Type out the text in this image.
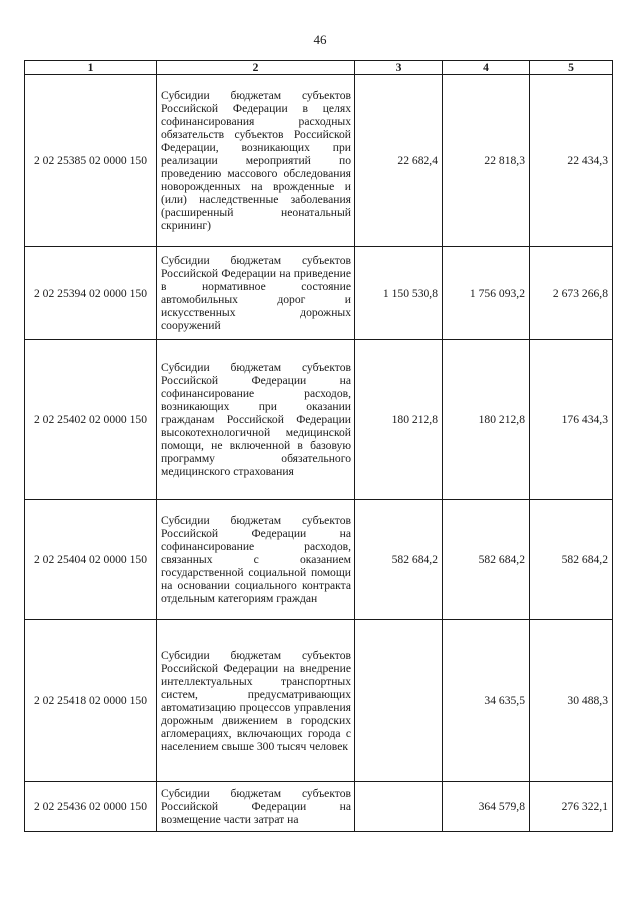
46
1	2	3	4	5
2 02 25385 02 0000 150	Субсидии бюджетам субъектов Российской Федерации в целях софинансирования расходных обязательств субъектов Российской Федерации, возникающих при реализации мероприятий по проведению массового обследования новорожденных на врожденные и (или) наследственные заболевания (расширенный неонатальный скрининг)	22 682,4	22 818,3	22 434,3
2 02 25394 02 0000 150	Субсидии бюджетам субъектов Российской Федерации на приведение в нормативное состояние автомобильных дорог и искусственных дорожных сооружений	1 150 530,8	1 756 093,2	2 673 266,8
2 02 25402 02 0000 150	Субсидии бюджетам субъектов Российской Федерации на софинансирование расходов, возникающих при оказании гражданам Российской Федерации высокотехнологичной медицинской помощи, не включенной в базовую программу обязательного медицинского страхования	180 212,8	180 212,8	176 434,3
2 02 25404 02 0000 150	Субсидии бюджетам субъектов Российской Федерации на софинансирование расходов, связанных с оказанием государственной социальной помощи на основании социального контракта отдельным категориям граждан	582 684,2	582 684,2	582 684,2
2 02 25418 02 0000 150	Субсидии бюджетам субъектов Российской Федерации на внедрение интеллектуальных транспортных систем, предусматривающих автоматизацию процессов управления дорожным движением в городских агломерациях, включающих города с населением свыше 300 тысяч человек		34 635,5	30 488,3
2 02 25436 02 0000 150	Субсидии бюджетам субъектов Российской Федерации на возмещение части затрат на		364 579,8	276 322,1
